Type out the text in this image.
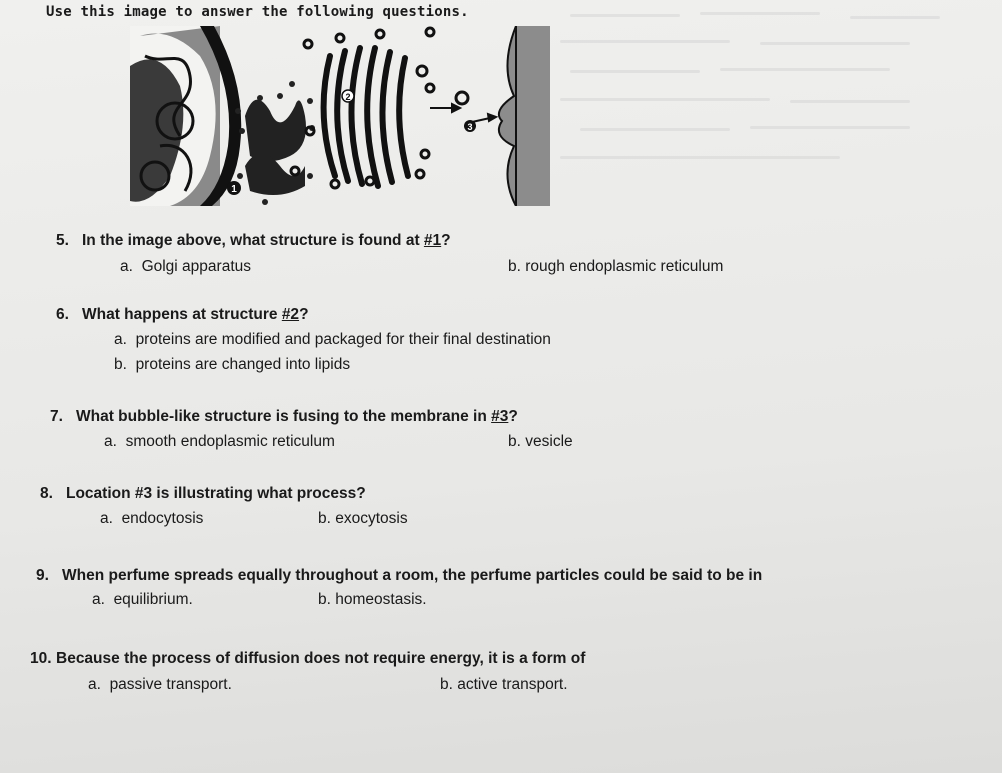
Use this image to answer the following questions.
1
2
3
5. In the image above, what structure is found at #1?
a. Golgi apparatus	b. rough endoplasmic reticulum
6. What happens at structure #2?
a. proteins are modified and packaged for their final destination
b. proteins are changed into lipids
7. What bubble-like structure is fusing to the membrane in #3?
a. smooth endoplasmic reticulum	b. vesicle
8. Location #3 is illustrating what process?
a. endocytosis	b. exocytosis
9. When perfume spreads equally throughout a room, the perfume particles could be said to be in
a. equilibrium.	b. homeostasis.
10. Because the process of diffusion does not require energy, it is a form of
a. passive transport.	b. active transport.
